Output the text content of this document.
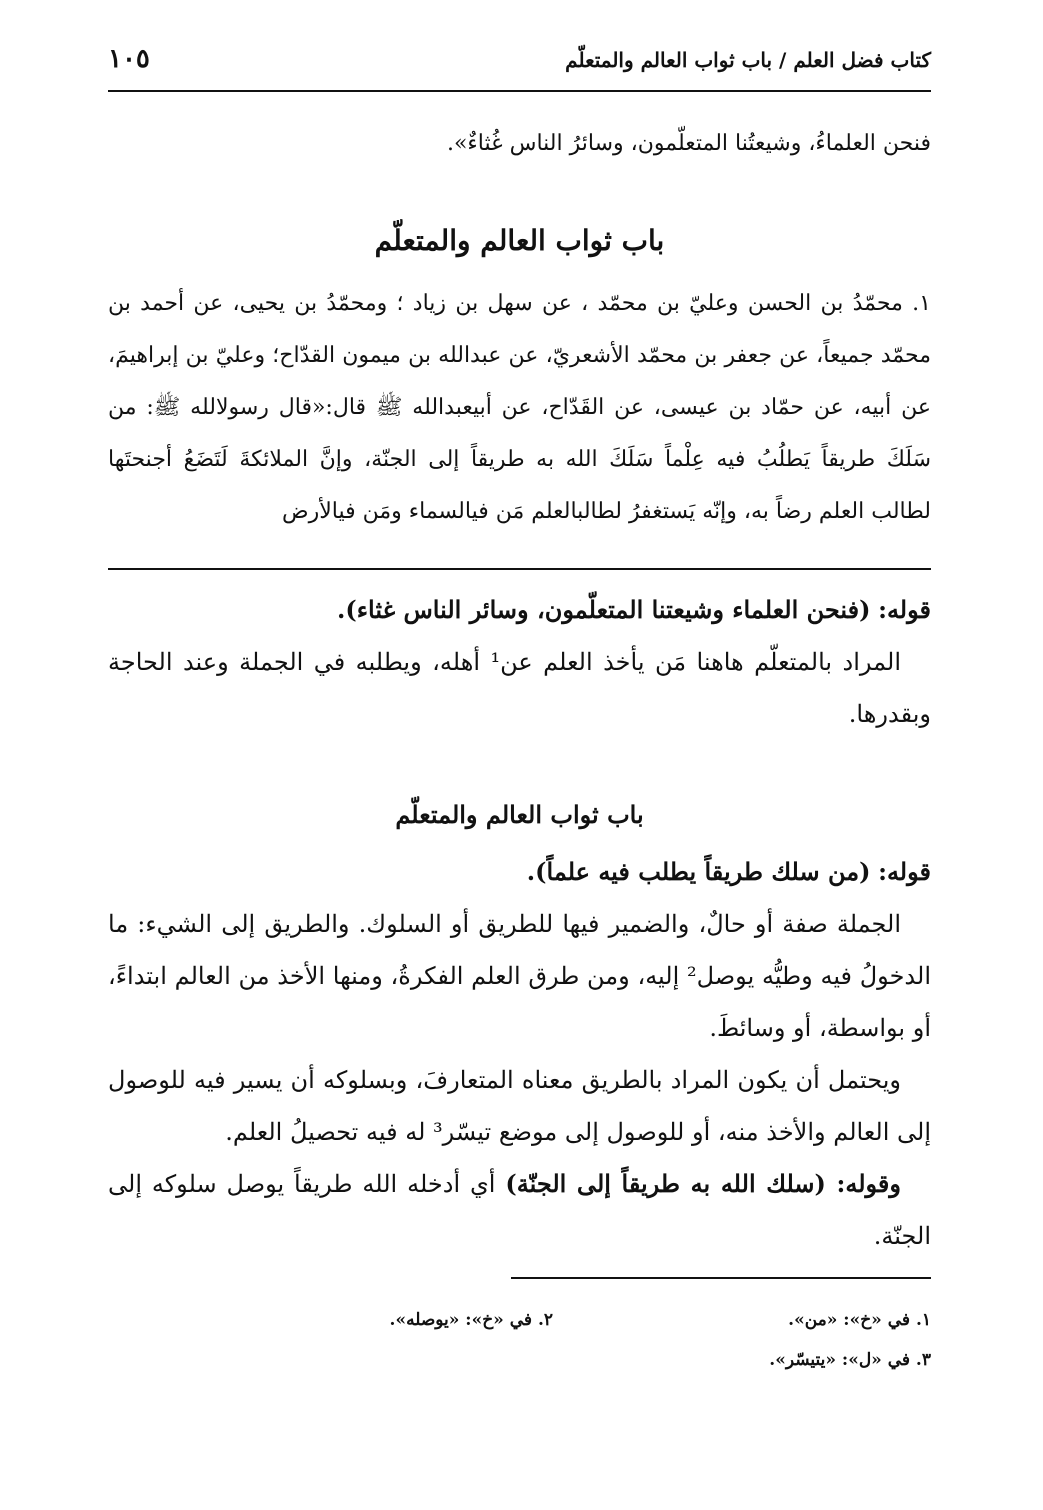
كتاب فضل العلم / باب ثواب العالم والمتعلّم
١٠٥
فنحن العلماءُ، وشيعتُنا المتعلّمون، وسائرُ الناس غُثاءٌ».
باب ثواب العالم والمتعلّم
١. محمّدُ بن الحسن وعليّ بن محمّد ، عن سهل بن زياد ؛ ومحمّدُ بن يحيى، عن أحمد بن محمّد جميعاً، عن جعفر بن محمّد الأشعريّ، عن عبدالله بن ميمون القدّاح؛ وعليّ بن إبراهيمَ، عن أبيه، عن حمّاد بن عيسى، عن القَدّاح، عن أبيعبدالله ﷺ قال:«قال رسولالله ﷺ: من سَلَكَ طريقاً يَطلُبُ فيه عِلْماً سَلَكَ الله به طريقاً إلى الجنّة، وإنَّ الملائكةَ لَتَضَعُ أجنحتَها لطالب العلم رضاً به، وإنّه يَستغفرُ لطالبالعلم مَن فيالسماء ومَن فيالأرض
قوله: (فنحن العلماء وشيعتنا المتعلّمون، وسائر الناس غثاء).
المراد بالمتعلّم هاهنا مَن يأخذ العلم عن¹ أهله، ويطلبه في الجملة وعند الحاجة وبقدرها.
باب ثواب العالم والمتعلّم
قوله: (من سلك طريقاً يطلب فيه علماً).
الجملة صفة أو حالٌ، والضمير فيها للطريق أو السلوك. والطريق إلى الشيء: ما الدخولُ فيه وطيُّه يوصل² إليه، ومن طرق العلم الفكرةُ، ومنها الأخذ من العالم ابتداءً، أو بواسطة، أو وسائطَ.
ويحتمل أن يكون المراد بالطريق معناه المتعارفَ، وبسلوكه أن يسير فيه للوصول إلى العالم والأخذ منه، أو للوصول إلى موضع تيسّر³ له فيه تحصيلُ العلم.
وقوله: (سلك الله به طريقاً إلى الجنّة) أي أدخله الله طريقاً يوصل سلوكه إلى الجنّة.
١. في «خ»: «من».
٢. في «خ»: «يوصله».
٣. في «ل»: «يتيسّر».
